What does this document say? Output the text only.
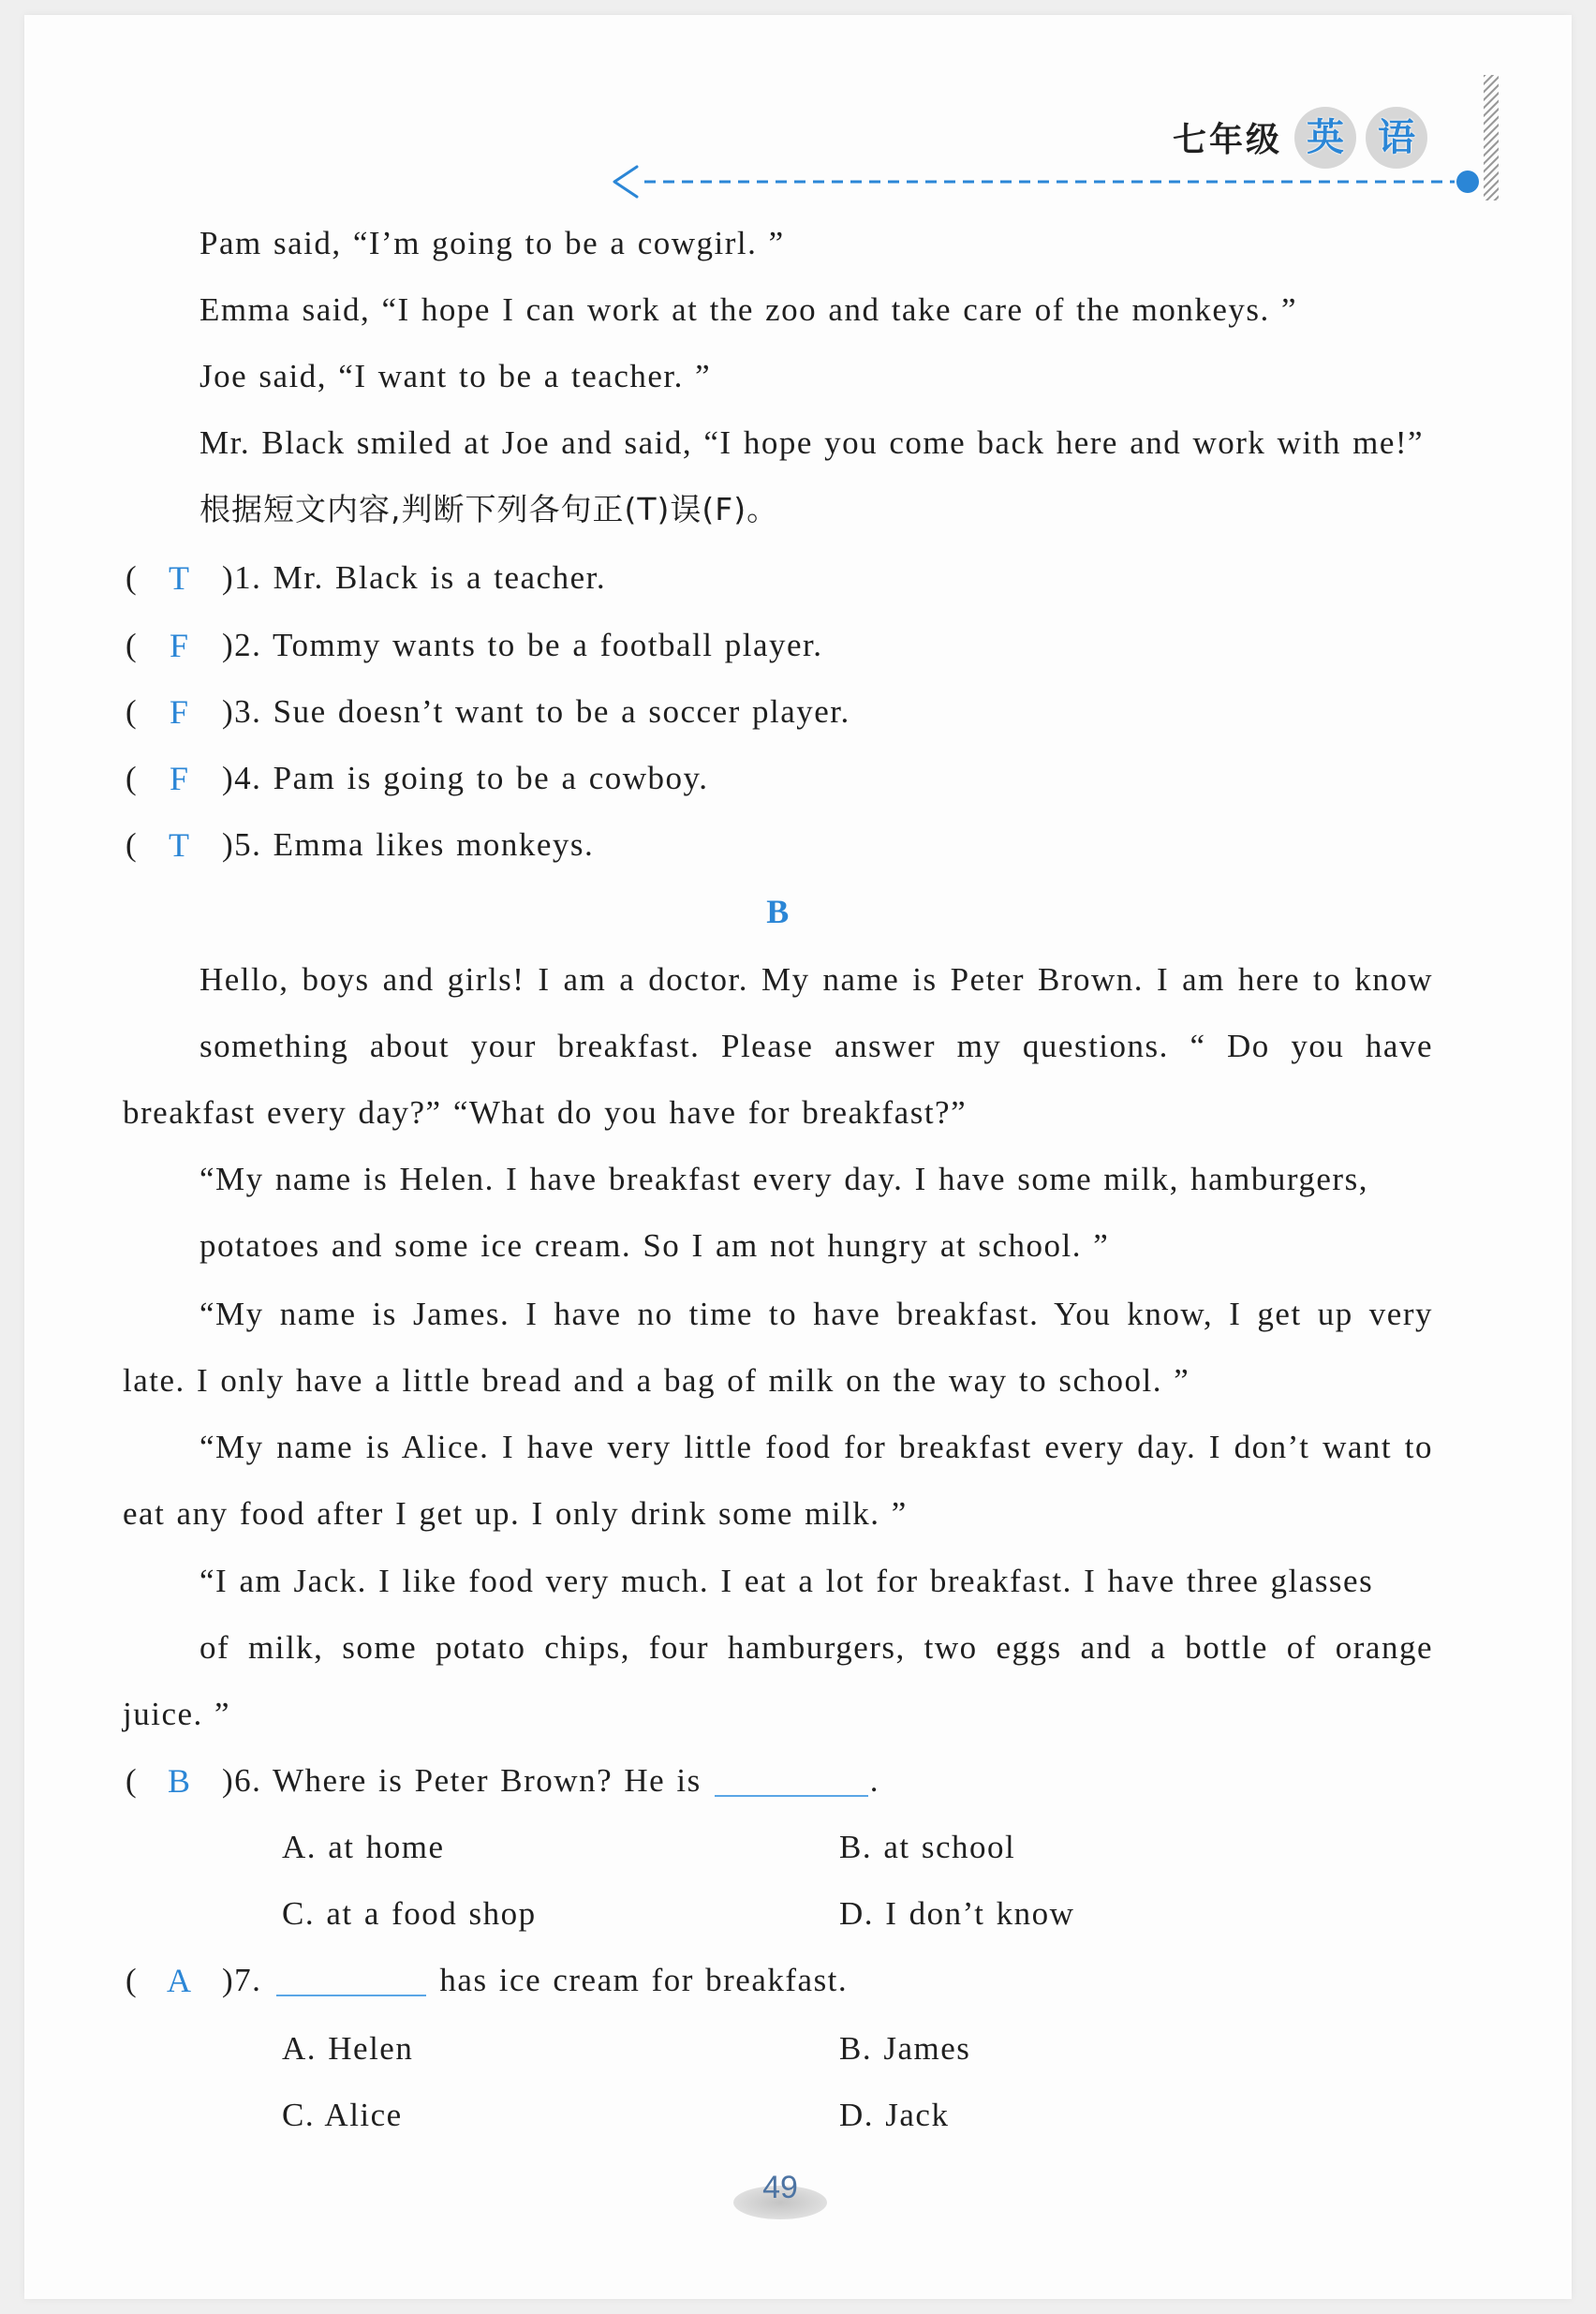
七年级 英 语
Pam said, “I’m going to be a cowgirl. ”
Emma said, “I hope I can work at the zoo and take care of the monkeys. ”
Joe said, “I want to be a teacher. ”
Mr. Black smiled at Joe and said, “I hope you come back here and work with me!”
根据短文内容,判断下列各句正(T)误(F)。
( T )1. Mr. Black is a teacher.
( F )2. Tommy wants to be a football player.
( F )3. Sue doesn’t want to be a soccer player.
( F )4. Pam is going to be a cowboy.
( T )5. Emma likes monkeys.
B
Hello, boys and girls! I am a doctor. My name is Peter Brown. I am here to know
something about your breakfast. Please answer my questions. “ Do you have
breakfast every day?” “What do you have for breakfast?”
“My name is Helen. I have breakfast every day. I have some milk, hamburgers,
potatoes and some ice cream. So I am not hungry at school. ”
“My name is James. I have no time to have breakfast. You know, I get up very
late. I only have a little bread and a bag of milk on the way to school. ”
“My name is Alice. I have very little food for breakfast every day. I don’t want to
eat any food after I get up. I only drink some milk. ”
“I am Jack. I like food very much. I eat a lot for breakfast. I have three glasses
of milk, some potato chips, four hamburgers, two eggs and a bottle of orange
juice. ”
( B )6. Where is Peter Brown? He is	.
A. at home	B. at school
C. at a food shop	D. I don’t know
( A )7.	has ice cream for breakfast.
A. Helen	B. James
C. Alice	D. Jack
49
